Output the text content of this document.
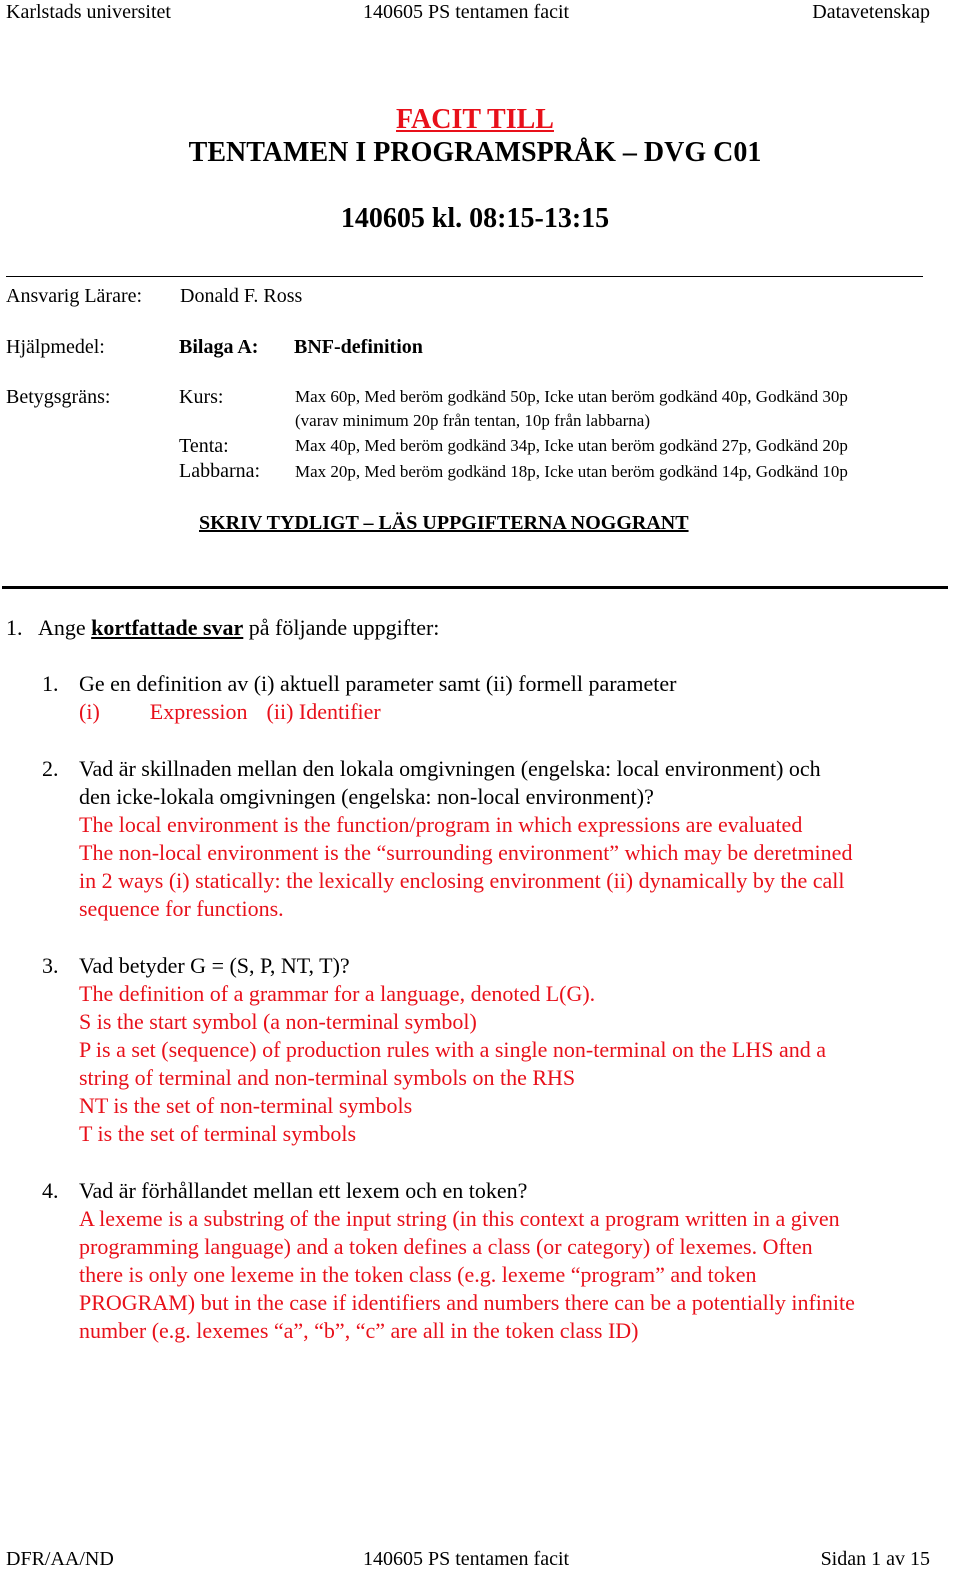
Karlstads universitet	140605 PS tentamen facit	Datavetenskap
FACIT TILL
TENTAMEN I PROGRAMSPRÅK – DVG C01
140605 kl. 08:15-13:15
Ansvarig Lärare: Donald F. Ross
Hjälpmedel:	Bilaga A: BNF-definition
Betygsgräns:	Kurs:	Max 60p, Med beröm godkänd 50p, Icke utan beröm godkänd 40p, Godkänd 30p
(varav minimum 20p från tentan, 10p från labbarna)
Tenta:	Max 40p, Med beröm godkänd 34p, Icke utan beröm godkänd 27p, Godkänd 20p
Labbarna: Max 20p, Med beröm godkänd 18p, Icke utan beröm godkänd 14p, Godkänd 10p
SKRIV TYDLIGT – LÄS UPPGIFTERNA NOGGRANT
1. Ange kortfattade svar på följande uppgifter:
1. Ge en definition av (i) aktuell parameter samt (ii) formell parameter
(i) Expression (ii) Identifier
2. Vad är skillnaden mellan den lokala omgivningen (engelska: local environment) och
den icke-lokala omgivningen (engelska: non-local environment)?
The local environment is the function/program in which expressions are evaluated
The non-local environment is the “surrounding environment” which may be deretmined
in 2 ways (i) statically: the lexically enclosing environment (ii) dynamically by the call
sequence for functions.
3. Vad betyder G = (S, P, NT, T)?
The definition of a grammar for a language, denoted L(G).
S is the start symbol (a non-terminal symbol)
P is a set (sequence) of production rules with a single non-terminal on the LHS and a
string of terminal and non-terminal symbols on the RHS
NT is the set of non-terminal symbols
T is the set of terminal symbols
4. Vad är förhållandet mellan ett lexem och en token?
A lexeme is a substring of the input string (in this context a program written in a given
programming language) and a token defines a class (or category) of lexemes. Often
there is only one lexeme in the token class (e.g. lexeme “program” and token
PROGRAM) but in the case if identifiers and numbers there can be a potentially infinite
number (e.g. lexemes “a”, “b”, “c” are all in the token class ID)
DFR/AA/ND	140605 PS tentamen facit	Sidan 1 av 15
